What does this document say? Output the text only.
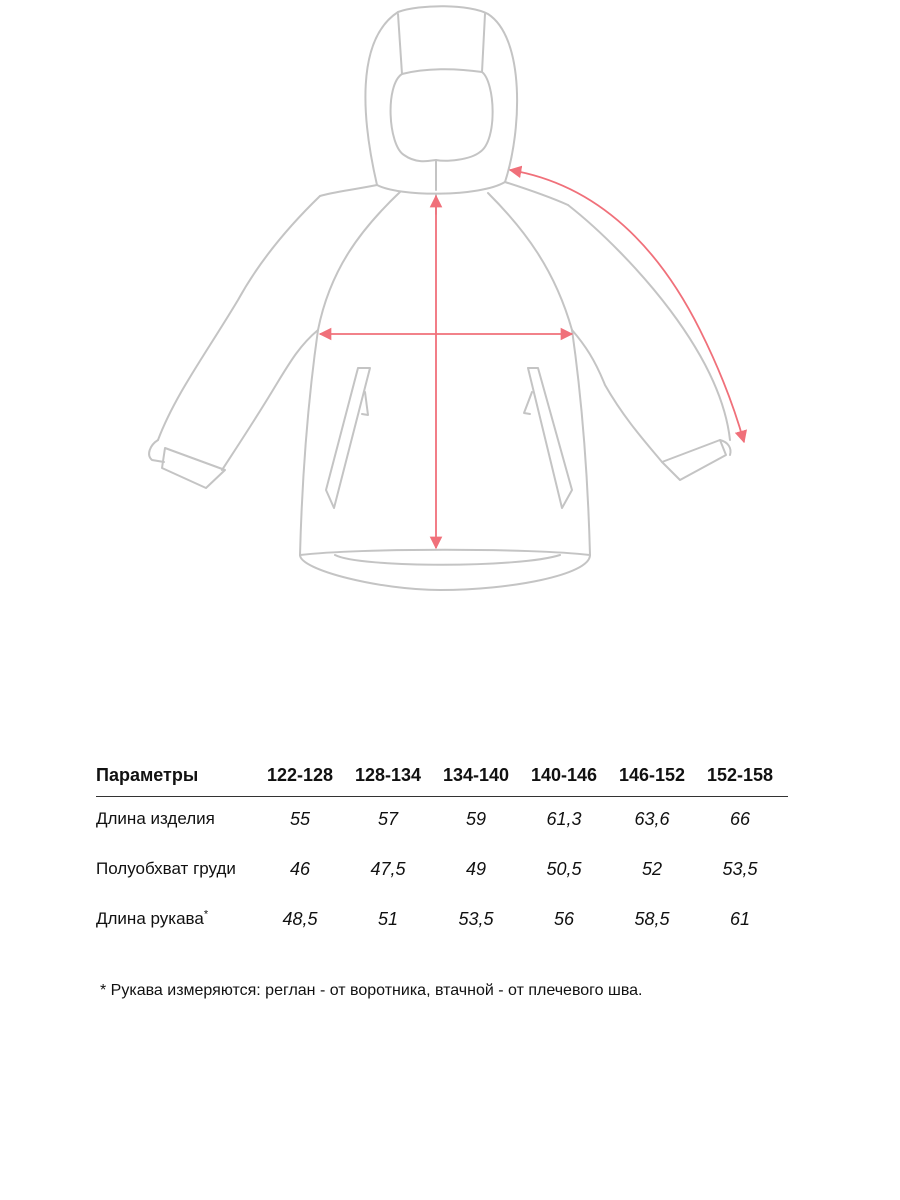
Параметры	122-128	128-134	134-140	140-146	146-152	152-158
Длина изделия	55	57	59	61,3	63,6	66
Полуобхват груди	46	47,5	49	50,5	52	53,5
Длина рукава*	48,5	51	53,5	56	58,5	61
* Рукава измеряются: реглан - от воротника, втачной - от плечевого шва.
